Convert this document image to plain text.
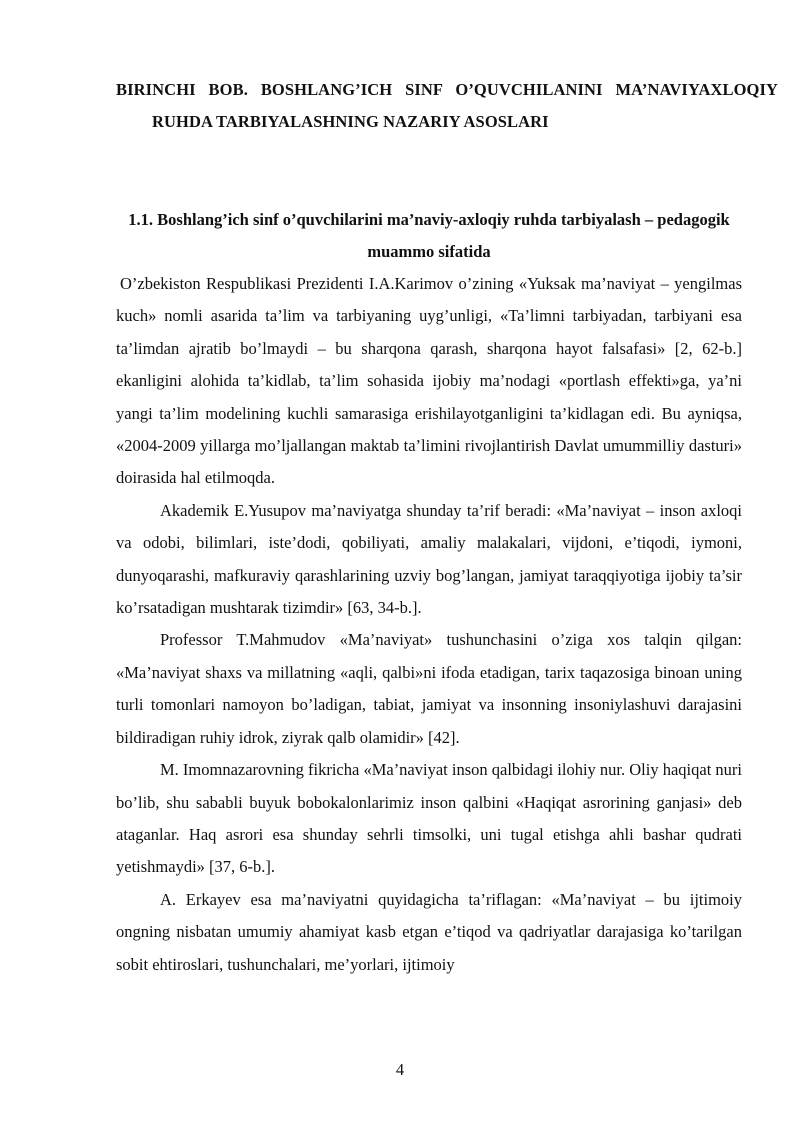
BIRINCHI BOB. BOSHLANG’ICH SINF O’QUVCHILANINI MA’NAVIYAXLOQIY RUHDA TARBIYALASHNING NAZARIY ASOSLARI
1.1. Boshlang’ich sinf o’quvchilarini ma’naviy-axloqiy ruhda tarbiyalash – pedagogik muammo sifatida

O’zbekiston Respublikasi Prezidenti I.A.Karimov o’zining «Yuksak ma’naviyat – yengilmas kuch» nomli asarida ta’lim va tarbiyaning uyg’unligi, «Ta’limni tarbiyadan, tarbiyani esa ta’limdan ajratib bo’lmaydi – bu sharqona qarash, sharqona hayot falsafasi» [2, 62-b.] ekanligini alohida ta’kidlab, ta’lim sohasida ijobiy ma’nodagi «portlash effekti»ga, ya’ni yangi ta’lim modelining kuchli samarasiga erishilayotganligini ta’kidlagan edi. Bu ayniqsa, «2004-2009 yillarga mo’ljallangan maktab ta’limini rivojlantirish Davlat umummilliy dasturi» doirasida hal etilmoqda.

Akademik E.Yusupov ma’naviyatga shunday ta’rif beradi: «Ma’naviyat – inson axloqi va odobi, bilimlari, iste’dodi, qobiliyati, amaliy malakalari, vijdoni, e’tiqodi, iymoni, dunyoqarashi, mafkuraviy qarashlarining uzviy bog’langan, jamiyat taraqqiyotiga ijobiy ta’sir ko’rsatadigan mushtarak tizimdir» [63, 34-b.].

Professor T.Mahmudov «Ma’naviyat» tushunchasini o’ziga xos talqin qilgan: «Ma’naviyat shaxs va millatning «aqli, qalbi»ni ifoda etadigan, tarix taqazosiga binoan uning turli tomonlari namoyon bo’ladigan, tabiat, jamiyat va insonning insoniylashuvi darajasini bildiradigan ruhiy idrok, ziyrak qalb olamidir» [42].

M. Imomnazarovning fikricha «Ma’naviyat inson qalbidagi ilohiy nur. Oliy haqiqat nuri bo’lib, shu sababli buyuk bobokalonlarimiz inson qalbini «Haqiqat asrorining ganjasi» deb ataganlar. Haq asrori esa shunday sehrli timsolki, uni tugal etishga ahli bashar qudrati yetishmaydi» [37, 6-b.].

A. Erkayev esa ma’naviyatni quyidagicha ta’riflagan: «Ma’naviyat – bu ijtimoiy ongning nisbatan umumiy ahamiyat kasb etgan e’tiqod va qadriyatlar darajasiga ko’tarilgan sobit ehtiroslari, tushunchalari, me’yorlari, ijtimoiy

4
